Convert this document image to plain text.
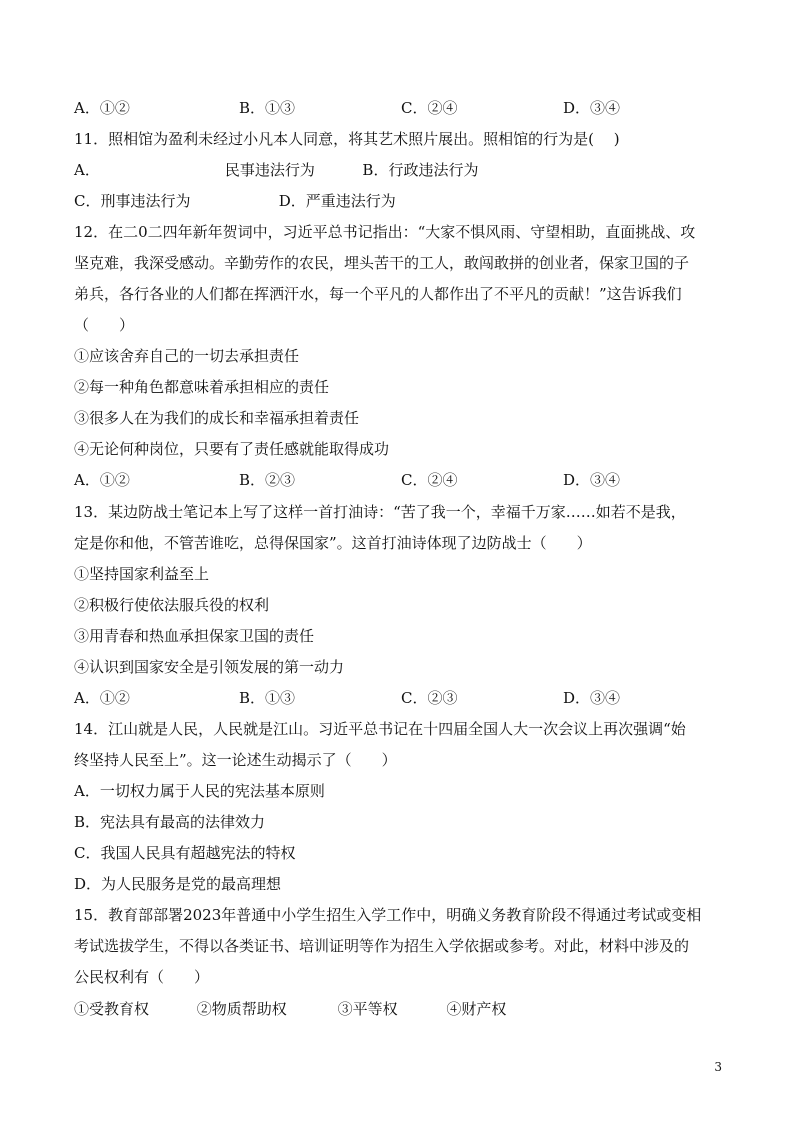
A．①②	B．①③	C．②④	D．③④
11．照相馆为盈利未经过小凡本人同意，将其艺术照片展出。照相馆的行为是(　 )
A．	民事违法行为	B．行政违法行为
C．刑事违法行为	D．严重违法行为
12．在二0二四年新年贺词中，习近平总书记指出：“大家不惧风雨、守望相助，直面挑战、攻
坚克难，我深受感动。辛勤劳作的农民，埋头苦干的工人，敢闯敢拼的创业者，保家卫国的子
弟兵，各行各业的人们都在挥洒汗水，每一个平凡的人都作出了不平凡的贡献！”这告诉我们
（　　）
①应该舍弃自己的一切去承担责任
②每一种角色都意味着承担相应的责任
③很多人在为我们的成长和幸福承担着责任
④无论何种岗位，只要有了责任感就能取得成功
A．①②	B．②③	C．②④	D．③④
13．某边防战士笔记本上写了这样一首打油诗：“苦了我一个，幸福千万家……如若不是我，
定是你和他，不管苦谁吃，总得保国家”。这首打油诗体现了边防战士（　　）
①坚持国家利益至上
②积极行使依法服兵役的权利
③用青春和热血承担保家卫国的责任
④认识到国家安全是引领发展的第一动力
A．①②	B．①③	C．②③	D．③④
14．江山就是人民，人民就是江山。习近平总书记在十四届全国人大一次会议上再次强调“始
终坚持人民至上”。这一论述生动揭示了（　　）
A．一切权力属于人民的宪法基本原则
B．宪法具有最高的法律效力
C．我国人民具有超越宪法的特权
D．为人民服务是党的最高理想
15．教育部部署2023年普通中小学生招生入学工作中，明确义务教育阶段不得通过考试或变相
考试选拔学生，不得以各类证书、培训证明等作为招生入学依据或参考。对此，材料中涉及的
公民权利有（　　）
①受教育权	②物质帮助权	③平等权	④财产权
3
